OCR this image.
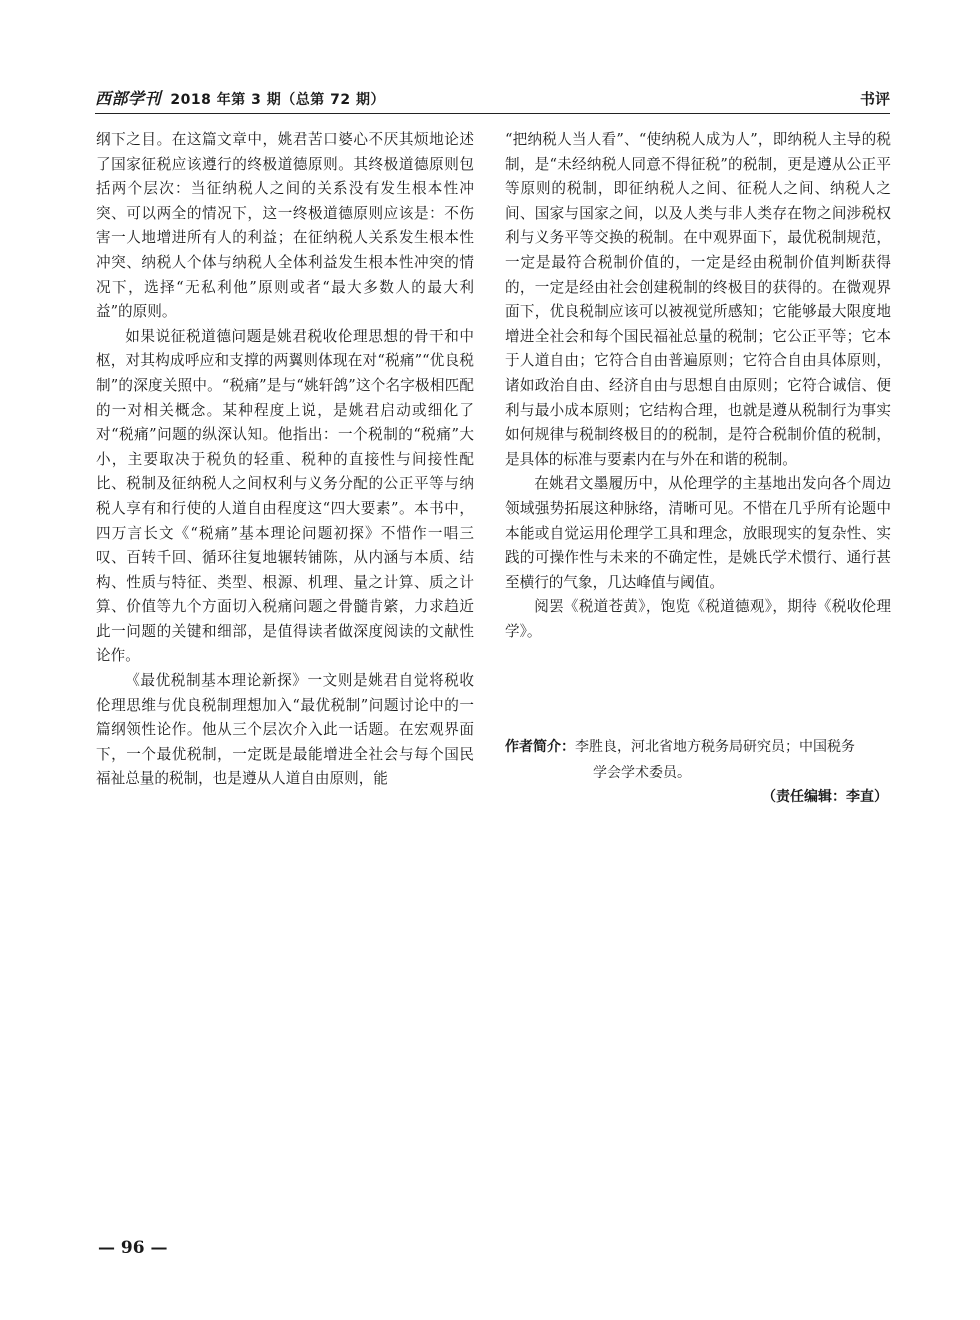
西部学刊 2018 年第 3 期（总第 72 期）	书评

纲下之目。在这篇文章中，姚君苦口婆心不厌其烦地论述了国家征税应该遵行的终极道德原则。其终极道德原则包括两个层次：当征纳税人之间的关系没有发生根本性冲突、可以两全的情况下，这一终极道德原则应该是：不伤害一人地增进所有人的利益；在征纳税人关系发生根本性冲突、纳税人个体与纳税人全体利益发生根本性冲突的情况下，选择“无私利他”原则或者“最大多数人的最大利益”的原则。

如果说征税道德问题是姚君税收伦理思想的骨干和中枢，对其构成呼应和支撑的两翼则体现在对“税痛”“优良税制”的深度关照中。“税痛”是与“姚轩鸽”这个名字极相匹配的一对相关概念。某种程度上说，是姚君启动或细化了对“税痛”问题的纵深认知。他指出：一个税制的“税痛”大小，主要取决于税负的轻重、税种的直接性与间接性配比、税制及征纳税人之间权利与义务分配的公正平等与纳税人享有和行使的人道自由程度这“四大要素”。本书中，四万言长文《“税痛”基本理论问题初探》不惜作一唱三叹、百转千回、循环往复地辗转铺陈，从内涵与本质、结构、性质与特征、类型、根源、机理、量之计算、质之计算、价值等九个方面切入税痛问题之骨髓肯綮，力求趋近此一问题的关键和细部，是值得读者做深度阅读的文献性论作。

《最优税制基本理论新探》一文则是姚君自觉将税收伦理思维与优良税制理想加入“最优税制”问题讨论中的一篇纲领性论作。他从三个层次介入此一话题。在宏观界面下，一个最优税制，一定既是最能增进全社会与每个国民福祉总量的税制，也是遵从人道自由原则，能

“把纳税人当人看”、“使纳税人成为人”，即纳税人主导的税制，是“未经纳税人同意不得征税”的税制，更是遵从公正平等原则的税制，即征纳税人之间、征税人之间、纳税人之间、国家与国家之间，以及人类与非人类存在物之间涉税权利与义务平等交换的税制。在中观界面下，最优税制规范，一定是最符合税制价值的，一定是经由税制价值判断获得的，一定是经由社会创建税制的终极目的获得的。在微观界面下，优良税制应该可以被视觉所感知；它能够最大限度地增进全社会和每个国民福祉总量的税制；它公正平等；它本于人道自由；它符合自由普遍原则；它符合自由具体原则，诸如政治自由、经济自由与思想自由原则；它符合诚信、便利与最小成本原则；它结构合理，也就是遵从税制行为事实如何规律与税制终极目的的税制，是符合税制价值的税制，是具体的标准与要素内在与外在和谐的税制。

在姚君文墨履历中，从伦理学的主基地出发向各个周边领域强势拓展这种脉络，清晰可见。不惜在几乎所有论题中本能或自觉运用伦理学工具和理念，放眼现实的复杂性、实践的可操作性与未来的不确定性，是姚氏学术惯行、通行甚至横行的气象，几达峰值与阈值。

阅罢《税道苍黄》，饱览《税道德观》，期待《税收伦理学》。

作者简介：李胜良，河北省地方税务局研究员；中国税务
学会学术委员。
（责任编辑：李直）
— 96 —
